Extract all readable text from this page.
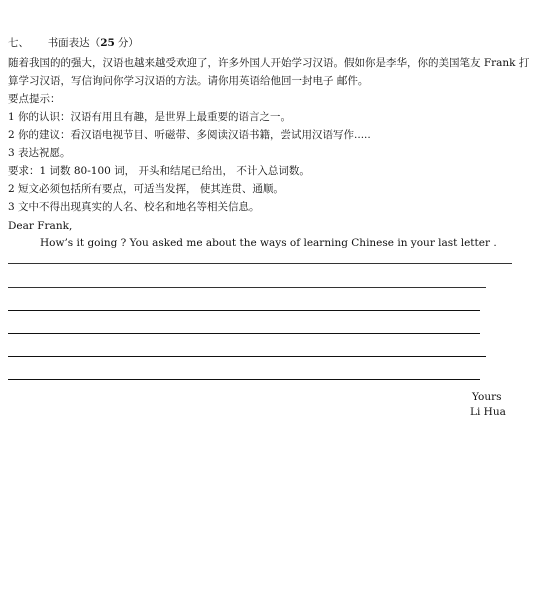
七、 书面表达（25 分）
随着我国的的强大，汉语也越来越受欢迎了，许多外国人开始学习汉语。假如你是李华，你的美国笔友 Frank 打
算学习汉语，写信询问你学习汉语的方法。请你用英语给他回一封电子 邮件。
要点提示：
1 你的认识：汉语有用且有趣，是世界上最重要的语言之一。
2 你的建议：看汉语电视节目、听磁带、多阅读汉语书籍，尝试用汉语写作.....
3 表达祝愿。
要求：1 词数 80-100 词， 开头和结尾已给出， 不计入总词数。
2 短文必须包括所有要点，可适当发挥， 使其连贯、通顺。
3 文中不得出现真实的人名、校名和地名等相关信息。
Dear Frank,
How’s it going ? You asked me about the ways of learning Chinese in your last letter .
Yours
Li Hua
